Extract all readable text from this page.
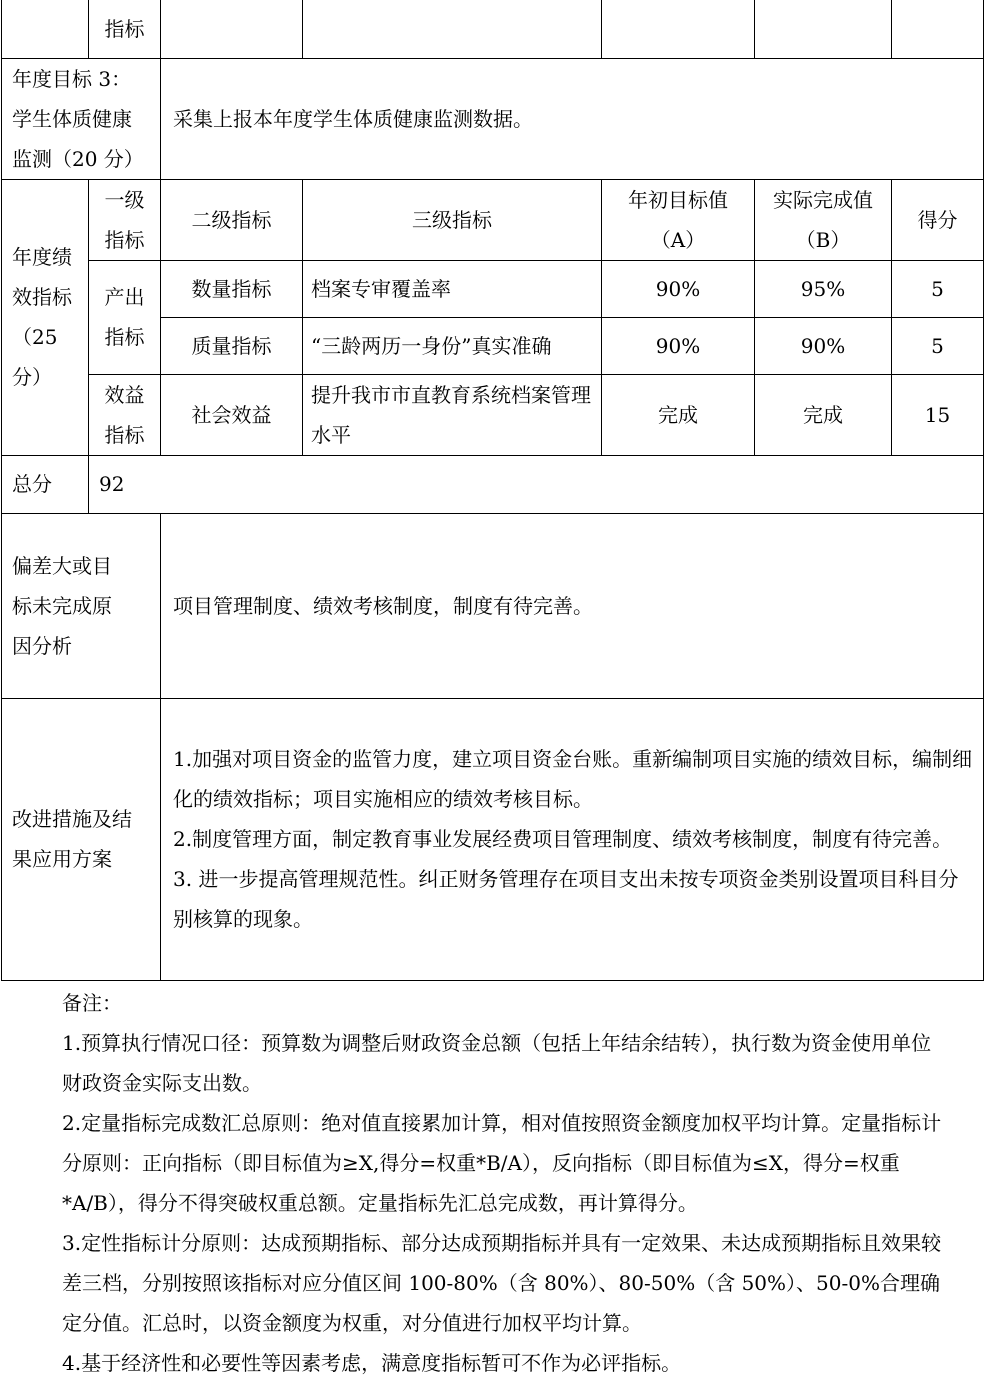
	指标					
年度目标 3：学生体质健康监测（20 分）		采集上报本年度学生体质健康监测数据。				
年度绩效指标（25 分）	一级指标	二级指标	三级指标	年初目标值（A）	实际完成值（B）	得分
	产出指标	数量指标	档案专审覆盖率	90%	95%	5
		质量指标	“三龄两历一身份”真实准确	90%	90%	5
	效益指标	社会效益	提升我市市直教育系统档案管理水平	完成	完成	15
总分	92					
偏差大或目标未完成原因分析		项目管理制度、绩效考核制度，制度有待完善。				
改进措施及结果应用方案		1.加强对项目资金的监管力度，建立项目资金台账。重新编制项目实施的绩效目标，编制细化的绩效指标；项目实施相应的绩效考核目标。
2.制度管理方面，制定教育事业发展经费项目管理制度、绩效考核制度，制度有待完善。
3. 进一步提高管理规范性。纠正财务管理存在项目支出未按专项资金类别设置项目科目分别核算的现象。				

备注：

1.预算执行情况口径：预算数为调整后财政资金总额（包括上年结余结转），执行数为资金使用单位财政资金实际支出数。

2.定量指标完成数汇总原则：绝对值直接累加计算，相对值按照资金额度加权平均计算。定量指标计分原则：正向指标（即目标值为≥X,得分=权重*B/A），反向指标（即目标值为≤X，得分=权重*A/B），得分不得突破权重总额。定量指标先汇总完成数，再计算得分。

3.定性指标计分原则：达成预期指标、部分达成预期指标并具有一定效果、未达成预期指标且效果较差三档，分别按照该指标对应分值区间 100-80%（含 80%）、80-50%（含 50%）、50-0%合理确定分值。汇总时，以资金额度为权重，对分值进行加权平均计算。

4.基于经济性和必要性等因素考虑，满意度指标暂可不作为必评指标。
